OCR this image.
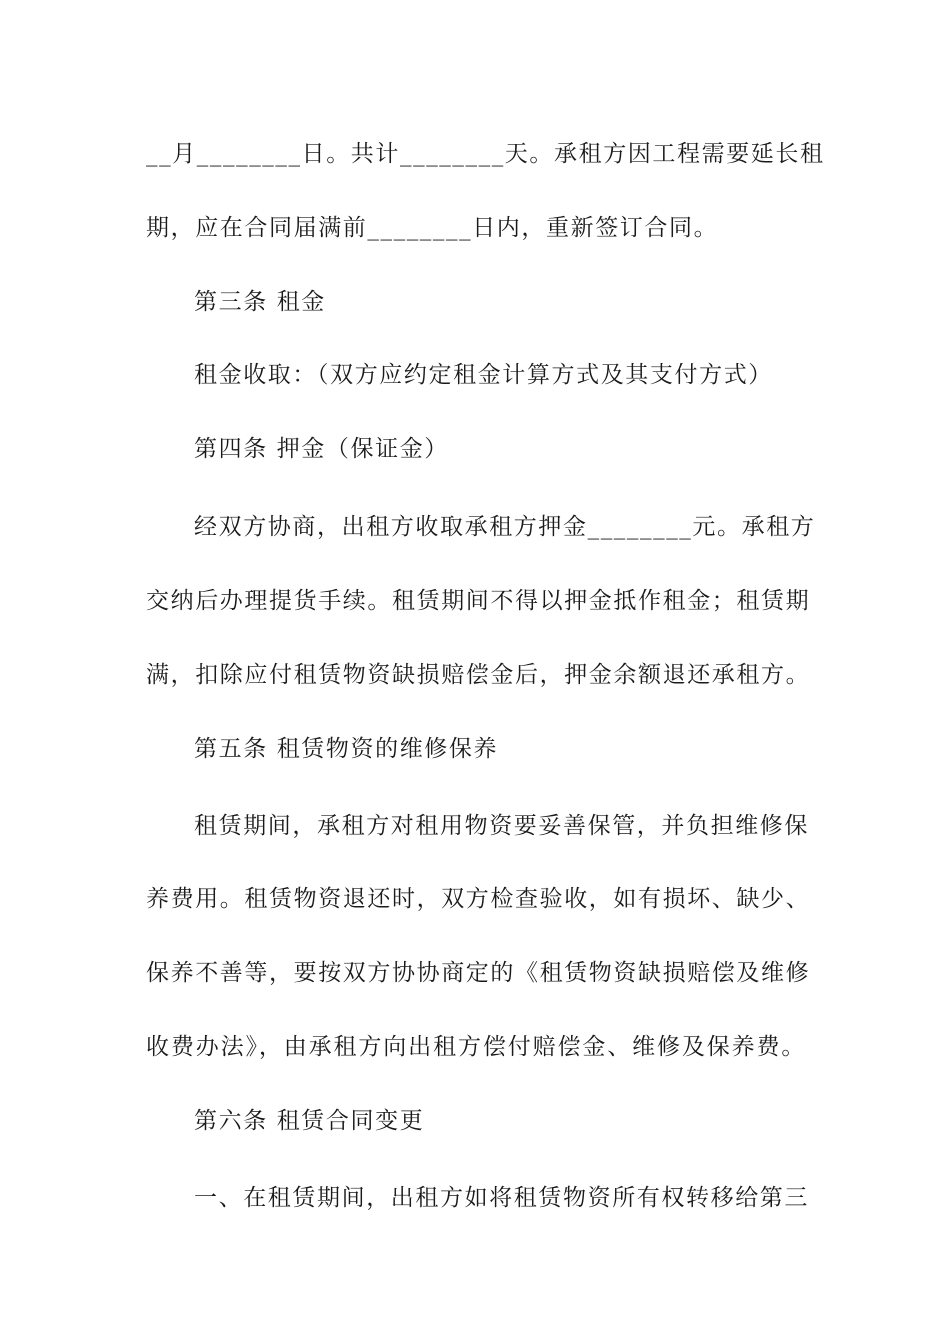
__月________日。共计________天。承租方因工程需要延长租
期，应在合同届满前________日内，重新签订合同。
第三条 租金
租金收取：（双方应约定租金计算方式及其支付方式）
第四条 押金（保证金）
经双方协商，出租方收取承租方押金________元。承租方
交纳后办理提货手续。租赁期间不得以押金抵作租金；租赁期
满，扣除应付租赁物资缺损赔偿金后，押金余额退还承租方。
第五条 租赁物资的维修保养
租赁期间，承租方对租用物资要妥善保管，并负担维修保
养费用。租赁物资退还时，双方检查验收，如有损坏、缺少、
保养不善等，要按双方协协商定的《租赁物资缺损赔偿及维修
收费办法》，由承租方向出租方偿付赔偿金、维修及保养费。
第六条 租赁合同变更
一、在租赁期间，出租方如将租赁物资所有权转移给第三
